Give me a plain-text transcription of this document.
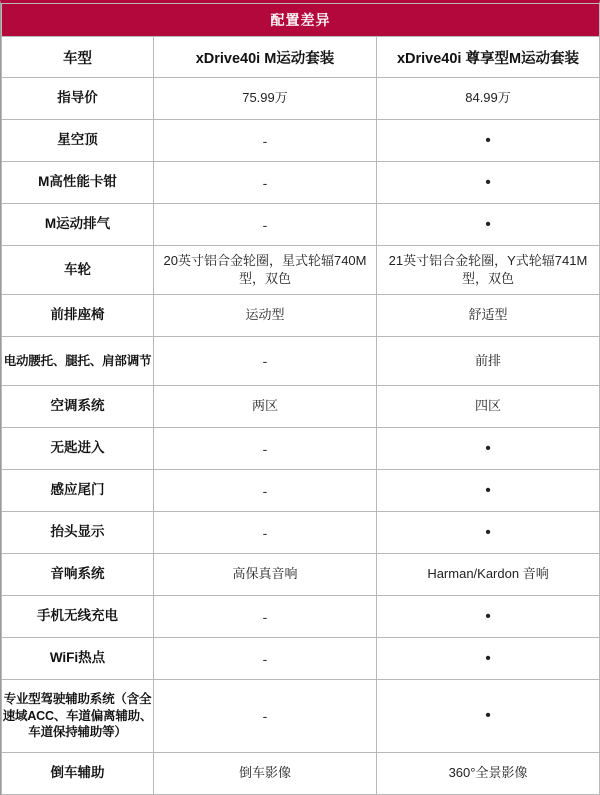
配置差异		
车型	xDrive40i M运动套装	xDrive40i 尊享型M运动套装
指导价	75.99万	84.99万
星空顶	-	•
M高性能卡钳	-	•
M运动排气	-	•
车轮	20英寸铝合金轮圈，星式轮辐740M型，双色	21英寸铝合金轮圈，Y式轮辐741M型，双色
前排座椅	运动型	舒适型
电动腰托、腿托、肩部调节	-	前排
空调系统	两区	四区
无匙进入	-	•
感应尾门	-	•
抬头显示	-	•
音响系统	高保真音响	Harman/Kardon 音响
手机无线充电	-	•
WiFi热点	-	•
专业型驾驶辅助系统（含全速域ACC、车道偏离辅助、车道保持辅助等）	-	•
倒车辅助	倒车影像	360°全景影像
